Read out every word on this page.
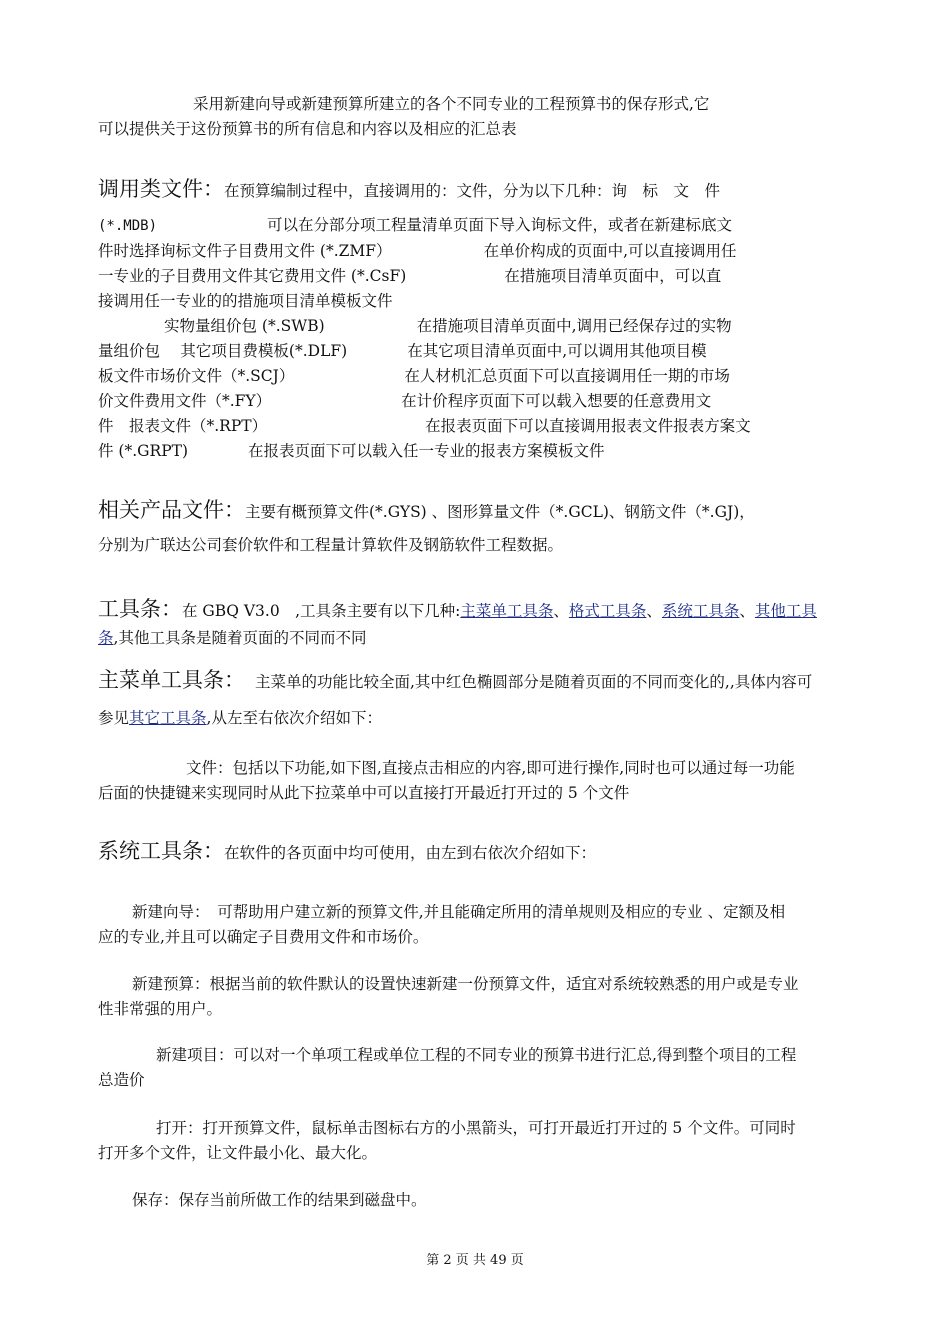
采用新建向导或新建预算所建立的各个不同专业的工程预算书的保存形式,它

可以提供关于这份预算书的所有信息和内容以及相应的汇总表

调用类文件：在预算编制过程中，直接调用的：文件，分为以下几种：询　标　文　件

(*.MDB)	可以在分部分项工程量清单页面下导入询标文件，或者在新建标底文

件时选择询标文件子目费用文件 (*.ZMF）	在单价构成的页面中,可以直接调用任

一专业的子目费用文件其它费用文件 (*.CsF)	在措施项目清单页面中，可以直

接调用任一专业的的措施项目清单模板文件

实物量组价包 (*.SWB)	在措施项目清单页面中,调用已经保存过的实物

量组价包　 其它项目费模板(*.DLF)	在其它项目清单页面中,可以调用其他项目模

板文件市场价文件（*.SCJ）	在人材机汇总页面下可以直接调用任一期的市场

价文件费用文件（*.FY）	在计价程序页面下可以载入想要的任意费用文

件　报表文件（*.RPT）	在报表页面下可以直接调用报表文件报表方案文

件 (*.GRPT)	在报表页面下可以载入任一专业的报表方案模板文件

相关产品文件：主要有概预算文件(*.GYS) 、图形算量文件（*.GCL)、钢筋文件（*.GJ)，

分别为广联达公司套价软件和工程量计算软件及钢筋软件工程数据。

工具条：在 GBQ V3.0　,工具条主要有以下几种:主菜单工具条、格式工具条、系统工具条、其他工具

条,其他工具条是随着页面的不同而不同

主菜单工具条： 主菜单的功能比较全面,其中红色椭圆部分是随着页面的不同而变化的,,具体内容可

参见其它工具条,从左至右依次介绍如下：

文件：包括以下功能,如下图,直接点击相应的内容,即可进行操作,同时也可以通过每一功能

后面的快捷键来实现同时从此下拉菜单中可以直接打开最近打开过的 5 个文件

系统工具条：在软件的各页面中均可使用，由左到右依次介绍如下：

新建向导：　可帮助用户建立新的预算文件,并且能确定所用的清单规则及相应的专业 、定额及相

应的专业,并且可以确定子目费用文件和市场价。

新建预算：根据当前的软件默认的设置快速新建一份预算文件，适宜对系统较熟悉的用户或是专业

性非常强的用户。

新建项目：可以对一个单项工程或单位工程的不同专业的预算书进行汇总,得到整个项目的工程

总造价

打开：打开预算文件，鼠标单击图标右方的小黑箭头，可打开最近打开过的 5 个文件。可同时

打开多个文件，让文件最小化、最大化。

保存：保存当前所做工作的结果到磁盘中。

第 2 页 共 49 页
